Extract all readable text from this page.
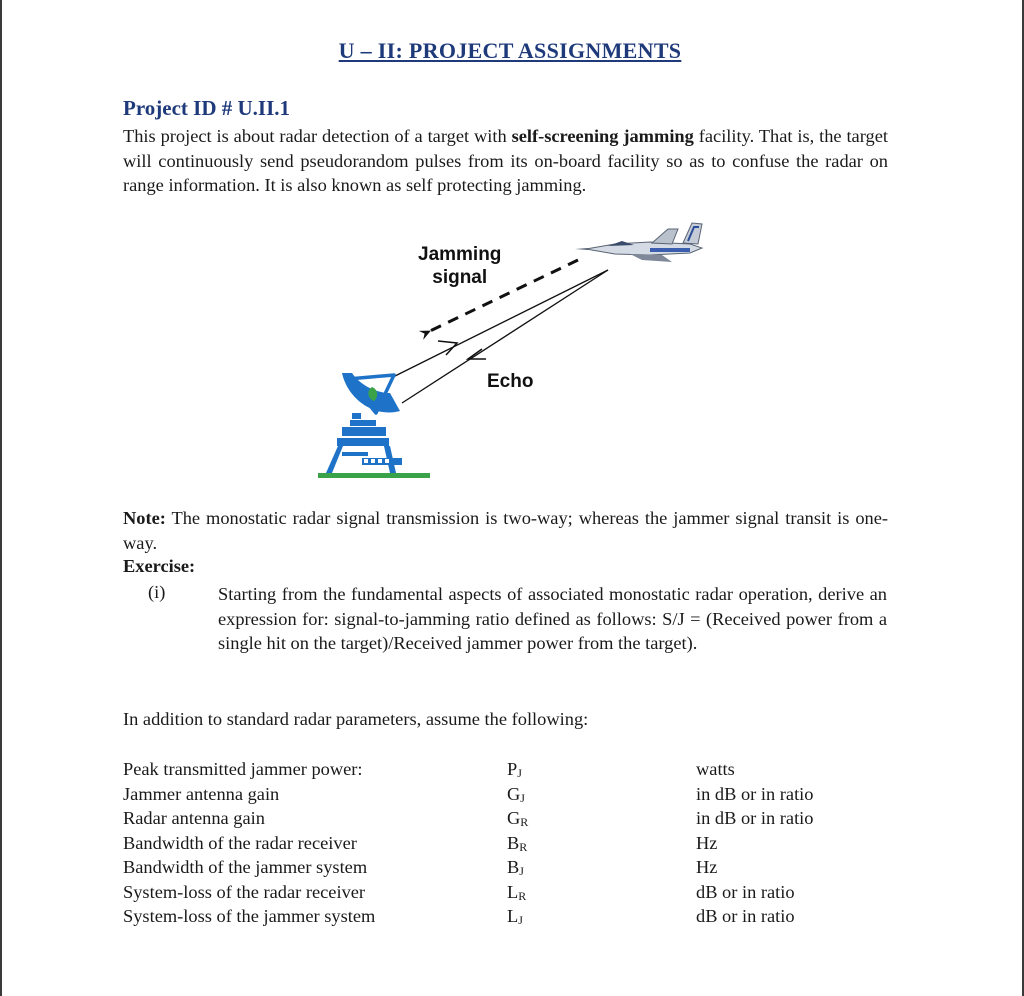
U – II: PROJECT ASSIGNMENTS
Project ID # U.II.1
This project is about radar detection of a target with self-screening jamming facility. That is, the target will continuously send pseudorandom pulses from its on-board facility so as to confuse the radar on range information. It is also known as self protecting jamming.
Jamming
signal
Echo
Note: The monostatic radar signal transmission is two-way; whereas the jammer signal transit is one-way.
Exercise:
(i)	Starting from the fundamental aspects of associated monostatic radar operation, derive an expression for: signal-to-jamming ratio defined as follows: S/J = (Received power from a single hit on the target)/Received jammer power from the target).
In addition to standard radar parameters, assume the following:
Peak transmitted jammer power:	PJ	watts
Jammer antenna gain	GJ	in dB or in ratio
Radar antenna gain	GR	in dB or in ratio
Bandwidth of the radar receiver	BR	Hz
Bandwidth of the jammer system	BJ	Hz
System-loss of the radar receiver	LR	dB or in ratio
System-loss of the jammer system	LJ	dB or in ratio
